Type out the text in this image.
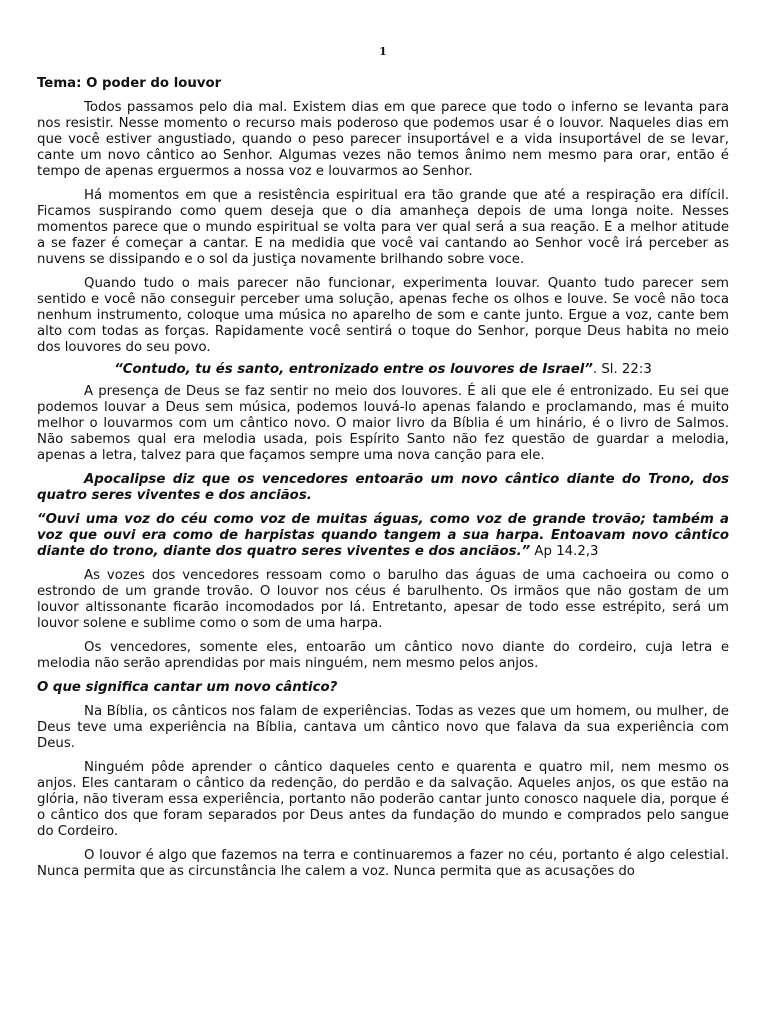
1

Tema: O poder do louvor

Todos passamos pelo dia mal. Existem dias em que parece que todo o inferno se levanta para nos resistir. Nesse momento o recurso mais poderoso que podemos usar é o louvor. Naqueles dias em que você estiver angustiado, quando o peso parecer insuportável e a vida insuportável de se levar, cante um novo cântico ao Senhor. Algumas vezes não temos ânimo nem mesmo para orar, então é tempo de apenas erguermos a nossa voz e louvarmos ao Senhor.

Há momentos em que a resistência espiritual era tão grande que até a respiração era difícil. Ficamos suspirando como quem deseja que o dia amanheça depois de uma longa noite. Nesses momentos parece que o mundo espiritual se volta para ver qual será a sua reação. E a melhor atitude a se fazer é começar a cantar. E na medidia que você vai cantando ao Senhor você irá perceber as nuvens se dissipando e o sol da justiça novamente brilhando sobre voce.

Quando tudo o mais parecer não funcionar, experimenta louvar. Quanto tudo parecer sem sentido e você não conseguir perceber uma solução, apenas feche os olhos e louve. Se você não toca nenhum instrumento, coloque uma música no aparelho de som e cante junto. Ergue a voz, cante bem alto com todas as forças. Rapidamente você sentirá o toque do Senhor, porque Deus habita no meio dos louvores do seu povo.

“Contudo, tu és santo, entronizado entre os louvores de Israel”. Sl. 22:3

A presença de Deus se faz sentir no meio dos louvores. É ali que ele é entronizado. Eu sei que podemos louvar a Deus sem música, podemos louvá-lo apenas falando e proclamando, mas é muito melhor o louvarmos com um cântico novo. O maior livro da Bíblia é um hinário, é o livro de Salmos. Não sabemos qual era melodia usada, pois Espírito Santo não fez questão de guardar a melodia, apenas a letra, talvez para que façamos sempre uma nova canção para ele.

Apocalipse diz que os vencedores entoarão um novo cântico diante do Trono, dos quatro seres viventes e dos anciãos.

“Ouvi uma voz do céu como voz de muitas águas, como voz de grande trovão; também a voz que ouvi era como de harpistas quando tangem a sua harpa. Entoavam novo cântico diante do trono, diante dos quatro seres viventes e dos anciãos.” Ap 14.2,3

As vozes dos vencedores ressoam como o barulho das águas de uma cachoeira ou como o estrondo de um grande trovão. O louvor nos céus é barulhento. Os irmãos que não gostam de um louvor altissonante ficarão incomodados por lá. Entretanto, apesar de todo esse estrépito, será um louvor solene e sublime como o som de uma harpa.

Os vencedores, somente eles, entoarão um cântico novo diante do cordeiro, cuja letra e melodia não serão aprendidas por mais ninguém, nem mesmo pelos anjos.

O que significa cantar um novo cântico?

Na Bíblia, os cânticos nos falam de experiências. Todas as vezes que um homem, ou mulher, de Deus teve uma experiência na Bíblia, cantava um cântico novo que falava da sua experiência com Deus.

Ninguém pôde aprender o cântico daqueles cento e quarenta e quatro mil, nem mesmo os anjos. Eles cantaram o cântico da redenção, do perdão e da salvação. Aqueles anjos, os que estão na glória, não tiveram essa experiência, portanto não poderão cantar junto conosco naquele dia, porque é o cântico dos que foram separados por Deus antes da fundação do mundo e comprados pelo sangue do Cordeiro.

O louvor é algo que fazemos na terra e continuaremos a fazer no céu, portanto é algo celestial. Nunca permita que as circunstância lhe calem a voz. Nunca permita que as acusações do
